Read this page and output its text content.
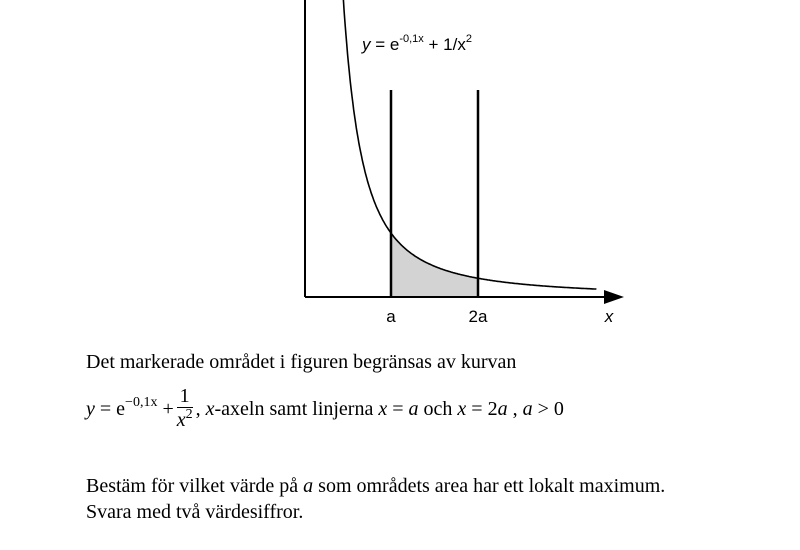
$y = e^{-0,1x} + 1/x^2$
a	2a	x
Det markerade området i figuren begränsas av kurvan
$y = e^{-0,1x} + \frac{1}{x^2}$ , x-axeln samt linjerna x = a och x = 2a , a > 0
Bestäm för vilket värde på a som områdets area har ett lokalt maximum.
Svara med två värdesiffror.
